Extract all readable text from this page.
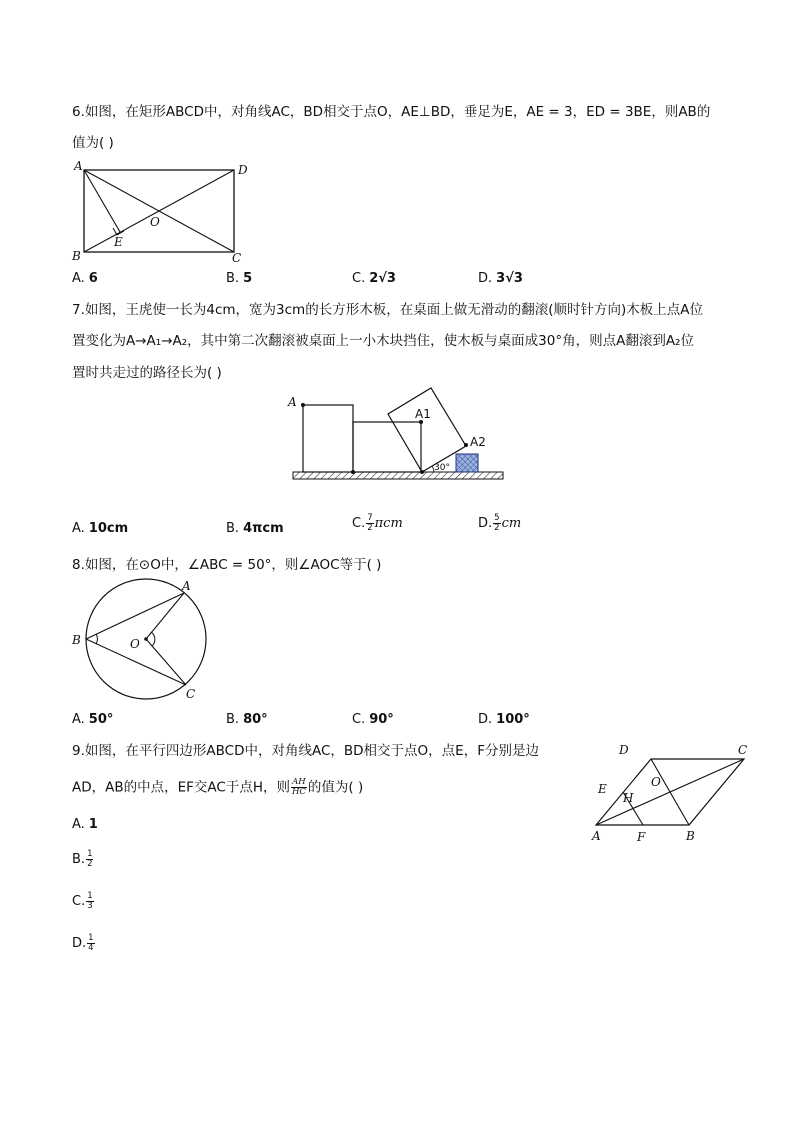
6.如图，在矩形ABCD中，对角线AC，BD相交于点O，AE⊥BD，垂足为E，AE = 3，ED = 3BE，则AB的
值为( )
A	D
B	C
E
O
A. 6	B. 5	C. 2√3	D. 3√3
7.如图，王虎使一长为4cm，宽为3cm的长方形木板，在桌面上做无滑动的翻滚(顺时针方向)木板上点A位
置变化为A→A₁→A₂，其中第二次翻滚被桌面上一小木块挡住，使木板与桌面成30°角，则点A翻滚到A₂位
置时共走过的路径长为( )
A
A1
A2
30°
A. 10cm	B. 4πcm	C. $\frac{7}{2}$ πcm	D. $\frac{5}{2}$ cm
8.如图，在⊙O中，∠ABC = 50°，则∠AOC等于( )
A
B
C
O
A. 50°	B. 80°	C. 90°	D. 100°
9.如图，在平行四边形ABCD中，对角线AC，BD相交于点O，点E，F分别是边
AD，AB的中点，EF交AC于点H，则 $\frac{AH}{HC}$ 的值为( )
A	B
C
D
E
F
H
O
A. 1
B. $\frac{1}{2}$
C. $\frac{1}{3}$
D. $\frac{1}{4}$
